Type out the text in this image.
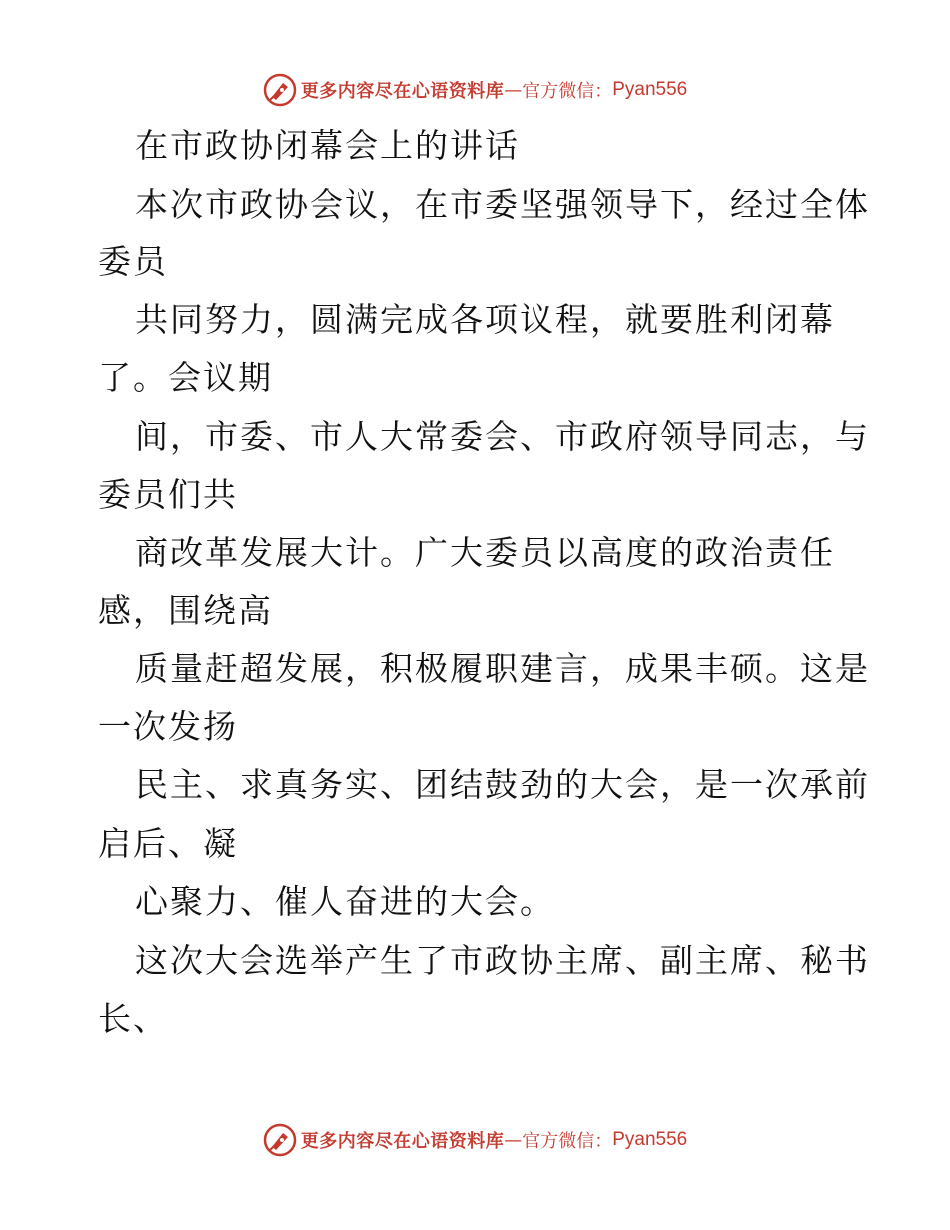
更多内容尽在心语资料库 — 官方微信： Pyan556
在市政协闭幕会上的讲话
本次市政协会议，在市委坚强领导下，经过全体
委员
共同努力，圆满完成各项议程，就要胜利闭幕
了。会议期
间，市委、市人大常委会、市政府领导同志，与
委员们共
商改革发展大计。广大委员以高度的政治责任
感，围绕高
质量赶超发展，积极履职建言，成果丰硕。这是
一次发扬
民主、求真务实、团结鼓劲的大会，是一次承前
启后、凝
心聚力、催人奋进的大会。
这次大会选举产生了市政协主席、副主席、秘书
长、
更多内容尽在心语资料库 — 官方微信： Pyan556
